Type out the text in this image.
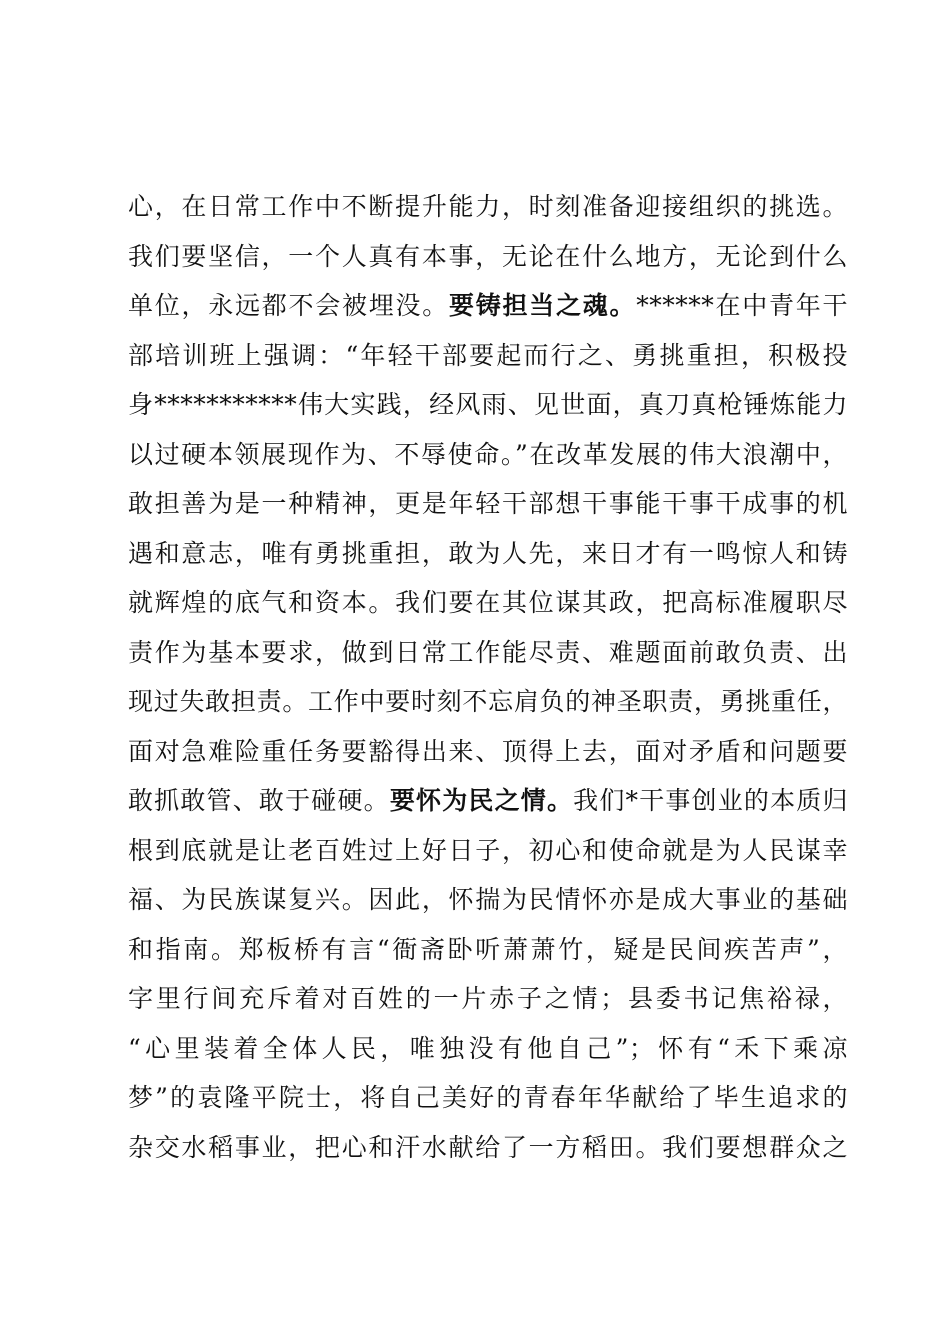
心，在日常工作中不断提升能力，时刻准备迎接组织的挑选。
我们要坚信，一个人真有本事，无论在什么地方，无论到什么
单位，永远都不会被埋没。要铸担当之魂。******在中青年干
部培训班上强调：“年轻干部要起而行之、勇挑重担，积极投
身***********伟大实践，经风雨、见世面，真刀真枪锤炼能力
以过硬本领展现作为、不辱使命。”在改革发展的伟大浪潮中，
敢担善为是一种精神，更是年轻干部想干事能干事干成事的机
遇和意志，唯有勇挑重担，敢为人先，来日才有一鸣惊人和铸
就辉煌的底气和资本。我们要在其位谋其政，把高标准履职尽
责作为基本要求，做到日常工作能尽责、难题面前敢负责、出
现过失敢担责。工作中要时刻不忘肩负的神圣职责，勇挑重任，
面对急难险重任务要豁得出来、顶得上去，面对矛盾和问题要
敢抓敢管、敢于碰硬。要怀为民之情。我们*干事创业的本质归
根到底就是让老百姓过上好日子，初心和使命就是为人民谋幸
福、为民族谋复兴。因此，怀揣为民情怀亦是成大事业的基础
和指南。郑板桥有言“衙斋卧听萧萧竹，疑是民间疾苦声”，
字里行间充斥着对百姓的一片赤子之情；县委书记焦裕禄，
“心里装着全体人民，唯独没有他自己”；怀有“禾下乘凉
梦”的袁隆平院士，将自己美好的青春年华献给了毕生追求的
杂交水稻事业，把心和汗水献给了一方稻田。我们要想群众之
